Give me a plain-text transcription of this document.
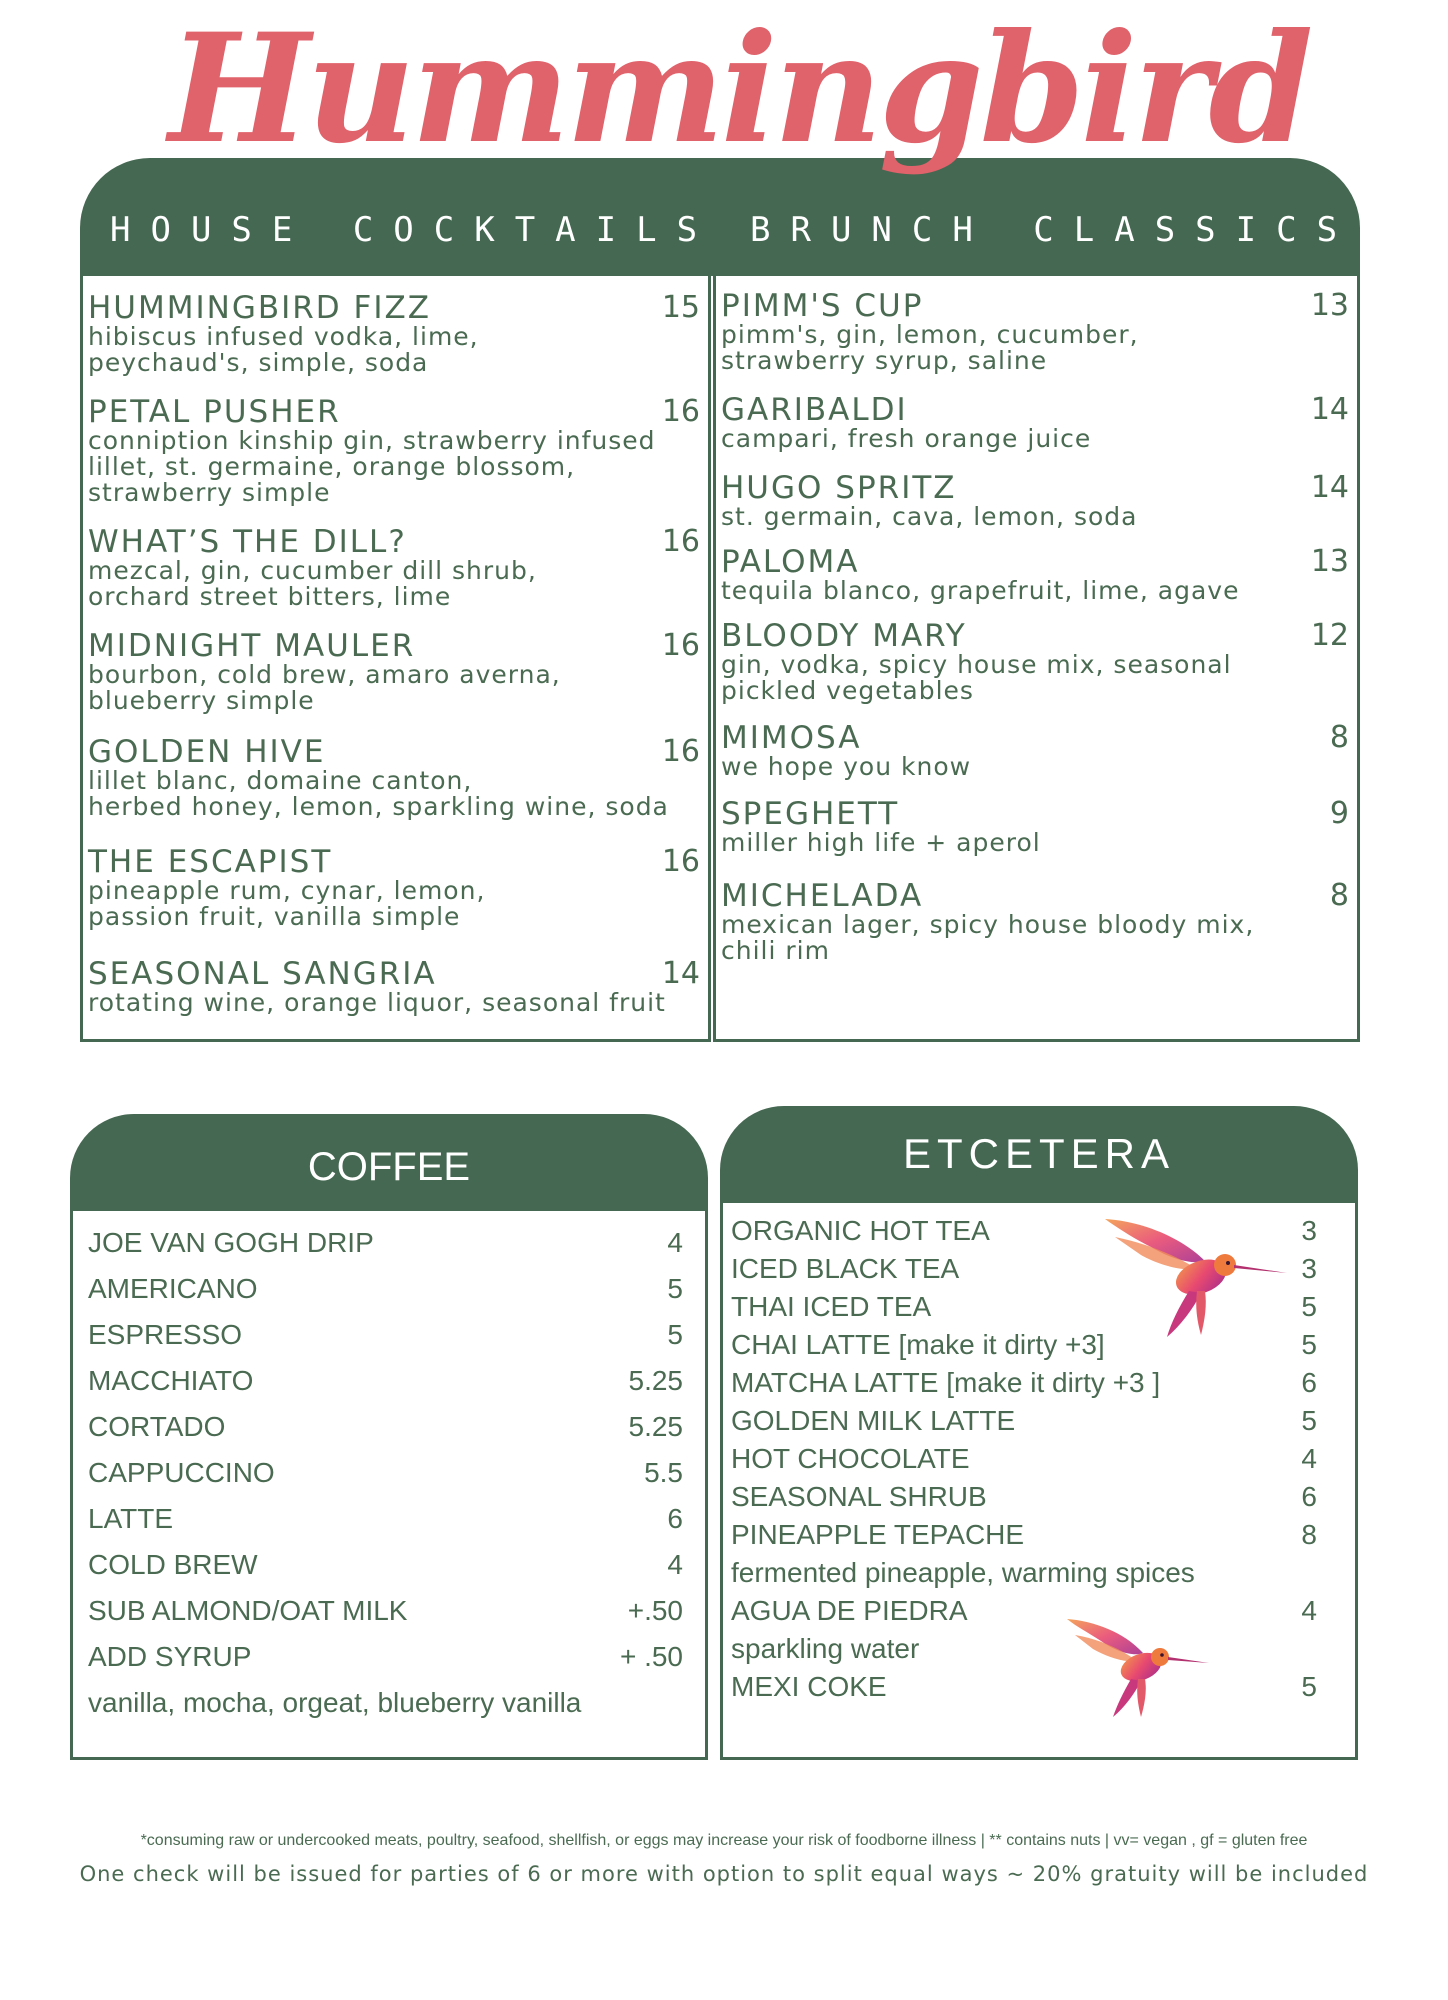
Hummingbird
HOUSE COCKTAILS BRUNCH CLASSICS
HUMMINGBIRD FIZZ	15
hibiscus infused vodka, lime,
peychaud's, simple, soda
PETAL PUSHER	16
conniption kinship gin, strawberry infused
lillet, st. germaine, orange blossom,
strawberry simple
WHAT’S THE DILL?	16
mezcal, gin, cucumber dill shrub,
orchard street bitters, lime
MIDNIGHT MAULER	16
bourbon, cold brew, amaro averna,
blueberry simple
GOLDEN HIVE	16
lillet blanc, domaine canton,
herbed honey, lemon, sparkling wine, soda
THE ESCAPIST	16
pineapple rum, cynar, lemon,
passion fruit, vanilla simple
SEASONAL SANGRIA	14
rotating wine, orange liquor, seasonal fruit
PIMM'S CUP	13
pimm's, gin, lemon, cucumber,
strawberry syrup, saline
GARIBALDI	14
campari, fresh orange juice
HUGO SPRITZ	14
st. germain, cava, lemon, soda
PALOMA	13
tequila blanco, grapefruit, lime, agave
BLOODY MARY	12
gin, vodka, spicy house mix, seasonal
pickled vegetables
MIMOSA	8
we hope you know
SPEGHETT	9
miller high life + aperol
MICHELADA	8
mexican lager, spicy house bloody mix,
chili rim
COFFEE
JOE VAN GOGH DRIP	4
AMERICANO	5
ESPRESSO	5
MACCHIATO	5.25
CORTADO	5.25
CAPPUCCINO	5.5
LATTE	6
COLD BREW	4
SUB ALMOND/OAT MILK	+.50
ADD SYRUP	+ .50
vanilla, mocha, orgeat, blueberry vanilla
ETCETERA
ORGANIC HOT TEA	3
ICED BLACK TEA	3
THAI ICED TEA	5
CHAI LATTE [make it dirty +3]	5
MATCHA LATTE [make it dirty +3 ]	6
GOLDEN MILK LATTE	5
HOT CHOCOLATE	4
SEASONAL SHRUB	6
PINEAPPLE TEPACHE	8
fermented pineapple, warming spices
AGUA DE PIEDRA	4
sparkling water
MEXI COKE	5
*consuming raw or undercooked meats, poultry, seafood, shellfish, or eggs may increase your risk of foodborne illness | ** contains nuts | vv= vegan , gf = gluten free
One check will be issued for parties of 6 or more with option to split equal ways ~ 20% gratuity will be included
